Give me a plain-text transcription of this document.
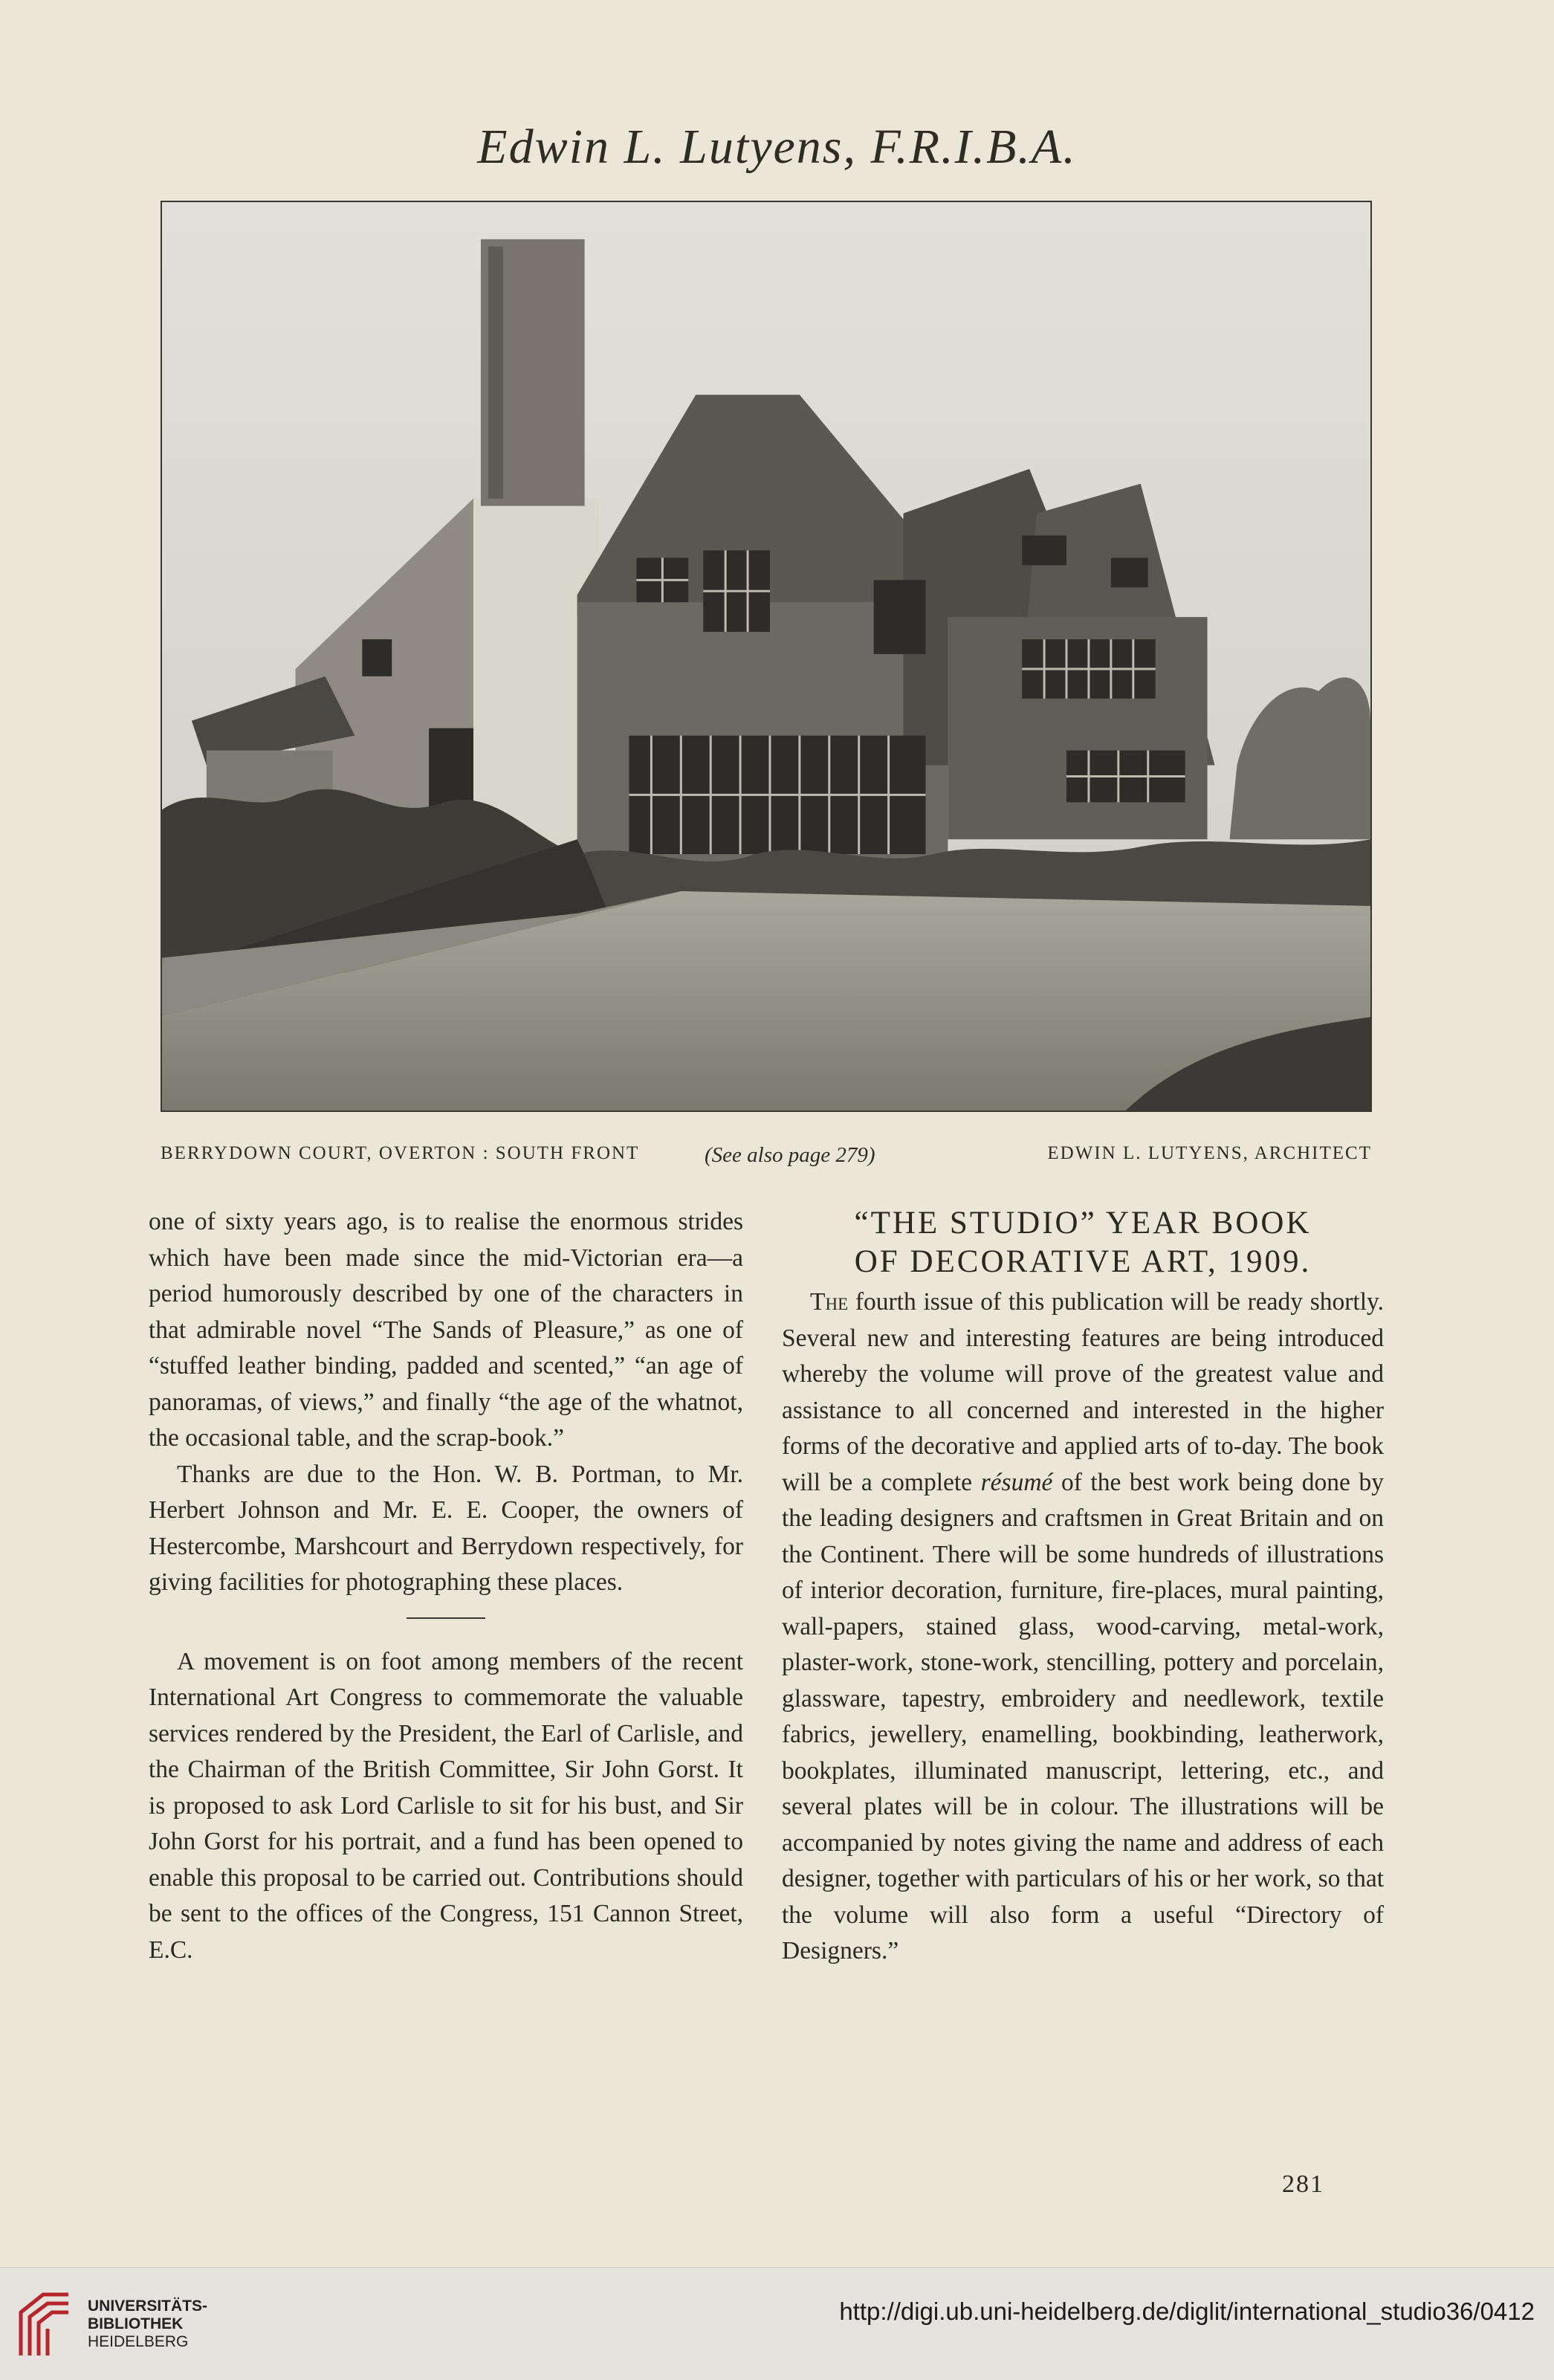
Edwin L. Lutyens, F.R.I.B.A.
BERRYDOWN COURT, OVERTON : SOUTH FRONT	(See also page 279)	EDWIN L. LUTYENS, ARCHITECT

one of sixty years ago, is to realise the enormous strides which have been made since the mid-Victorian era—a period humorously described by one of the characters in that admirable novel “The Sands of Pleasure,” as one of “stuffed leather binding, padded and scented,” “an age of panoramas, of views,” and finally “the age of the whatnot, the occasional table, and the scrap-book.”

Thanks are due to the Hon. W. B. Portman, to Mr. Herbert Johnson and Mr. E. E. Cooper, the owners of Hestercombe, Marshcourt and Berrydown respectively, for giving facilities for photographing these places.

A movement is on foot among members of the recent International Art Congress to commemorate the valuable services rendered by the President, the Earl of Carlisle, and the Chairman of the British Committee, Sir John Gorst. It is proposed to ask Lord Carlisle to sit for his bust, and Sir John Gorst for his portrait, and a fund has been opened to enable this proposal to be carried out. Contributions should be sent to the offices of the Congress, 151 Cannon Street, E.C.

“THE STUDIO” YEAR BOOK
OF DECORATIVE ART, 1909.

The fourth issue of this publication will be ready shortly. Several new and interesting features are being introduced whereby the volume will prove of the greatest value and assistance to all concerned and interested in the higher forms of the decorative and applied arts of to-day. The book will be a complete résumé of the best work being done by the leading designers and craftsmen in Great Britain and on the Continent. There will be some hundreds of illustrations of interior decoration, furniture, fire-places, mural painting, wall-papers, stained glass, wood-carving, metal-work, plaster-work, stone-work, stencilling, pottery and porcelain, glassware, tapestry, embroidery and needlework, textile fabrics, jewellery, enamelling, bookbinding, leatherwork, bookplates, illuminated manuscript, lettering, etc., and several plates will be in colour. The illustrations will be accompanied by notes giving the name and address of each designer, together with particulars of his or her work, so that the volume will also form a useful “Directory of Designers.”

281
UNIVERSITÄTS-
BIBLIOTHEK
HEIDELBERG
http://digi.ub.uni-heidelberg.de/diglit/international_studio36/0412
